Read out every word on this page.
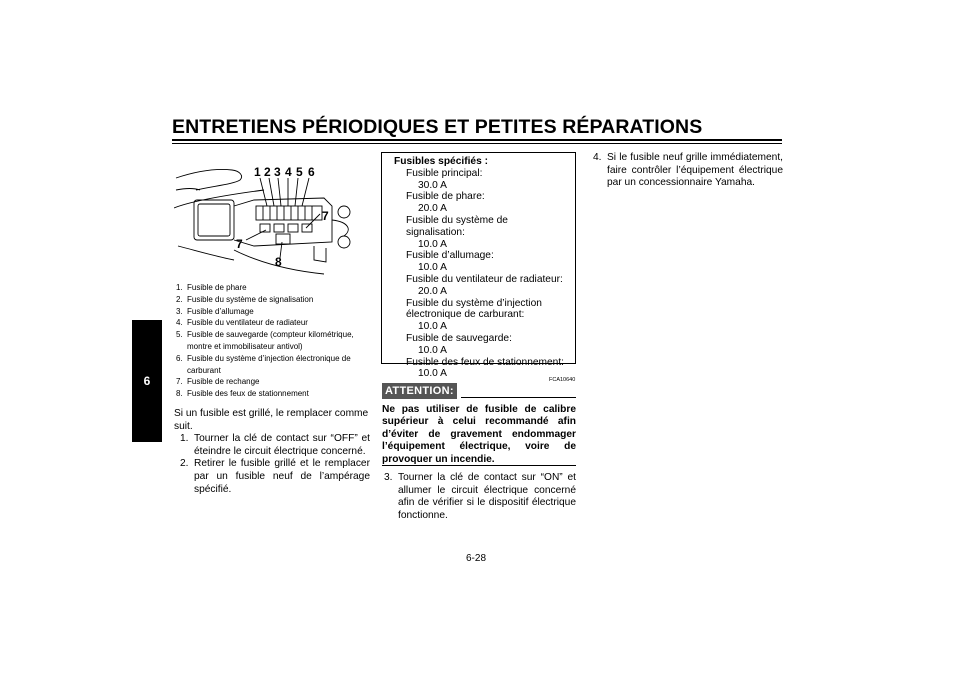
ENTRETIENS PÉRIODIQUES ET PETITES RÉPARATIONS
6
1 2 3 4 5 6
7
7
8
1. Fusible de phare
2. Fusible du système de signalisation
3. Fusible d’allumage
4. Fusible du ventilateur de radiateur
5. Fusible de sauvegarde (compteur kilométrique, montre et immobilisateur antivol)
6. Fusible du système d’injection électronique de carburant
7. Fusible de rechange
8. Fusible des feux de stationnement

Si un fusible est grillé, le remplacer comme suit.

1. Tourner la clé de contact sur “OFF” et éteindre le circuit électrique concerné.
2. Retirer le fusible grillé et le remplacer par un fusible neuf de l’ampérage spécifié.
Fusibles spécifiés :
Fusible principal:
30.0 A
Fusible de phare:
20.0 A
Fusible du système de signalisation:
10.0 A
Fusible d’allumage:
10.0 A
Fusible du ventilateur de radiateur:
20.0 A
Fusible du système d’injection électronique de carburant:
10.0 A
Fusible de sauvegarde:
10.0 A
Fusible des feux de stationnement:
10.0 A
FCA10640
ATTENTION:
Ne pas utiliser de fusible de calibre supérieur à celui recommandé afin d’éviter de gravement endommager l’équipement électrique, voire de provoquer un incendie.
3. Tourner la clé de contact sur “ON” et allumer le circuit électrique concerné afin de vérifier si le dispositif électrique fonctionne.
4. Si le fusible neuf grille immédiatement, faire contrôler l’équipement électrique par un concessionnaire Yamaha.
6-28
